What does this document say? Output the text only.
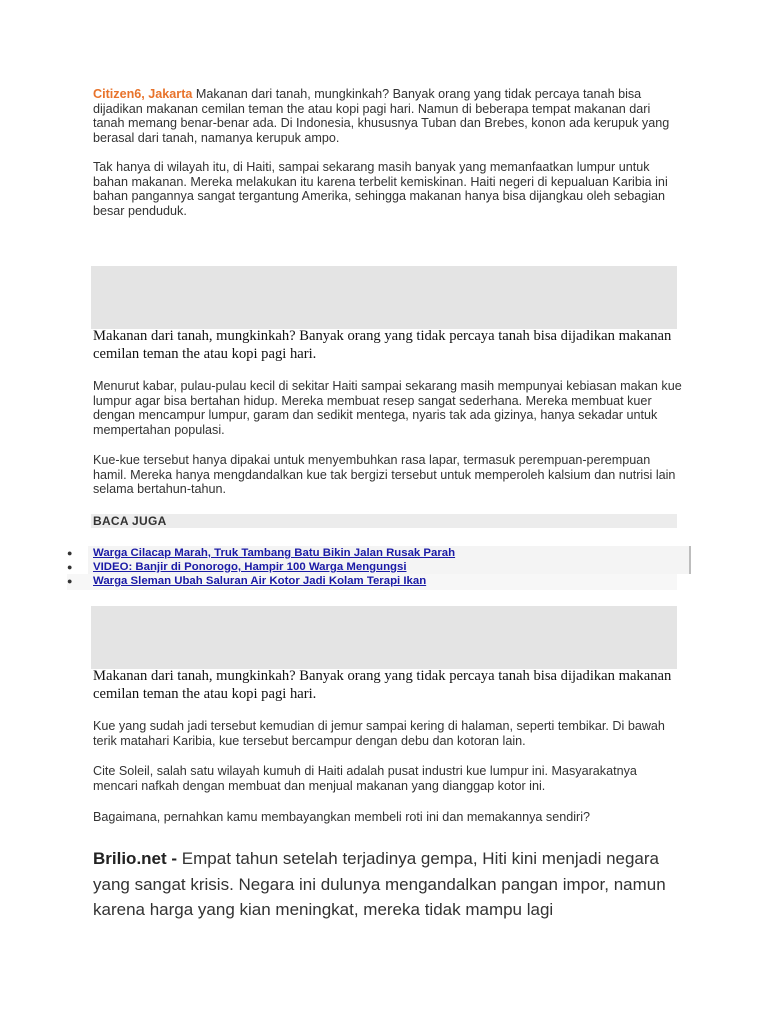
Citizen6, Jakarta Makanan dari tanah, mungkinkah? Banyak orang yang tidak percaya tanah bisa dijadikan makanan cemilan teman the atau kopi pagi hari. Namun di beberapa tempat makanan dari tanah memang benar-benar ada. Di Indonesia, khususnya Tuban dan Brebes, konon ada kerupuk yang berasal dari tanah, namanya kerupuk ampo.

Tak hanya di wilayah itu, di Haiti, sampai sekarang masih banyak yang memanfaatkan lumpur untuk bahan makanan. Mereka melakukan itu karena terbelit kemiskinan. Haiti negeri di kepualuan Karibia ini bahan pangannya sangat tergantung Amerika, sehingga makanan hanya bisa dijangkau oleh sebagian besar penduduk.

Makanan dari tanah, mungkinkah? Banyak orang yang tidak percaya tanah bisa dijadikan makanan cemilan teman the atau kopi pagi hari.

Menurut kabar, pulau-pulau kecil di sekitar Haiti sampai sekarang masih mempunyai kebiasan makan kue lumpur agar bisa bertahan hidup. Mereka membuat resep sangat sederhana. Mereka membuat kuer dengan mencampur lumpur, garam dan sedikit mentega, nyaris tak ada gizinya, hanya sekadar untuk mempertahan populasi.

Kue-kue tersebut hanya dipakai untuk menyembuhkan rasa lapar, termasuk perempuan-perempuan hamil. Mereka hanya mengdandalkan kue tak bergizi tersebut untuk memperoleh kalsium dan nutrisi lain selama bertahun-tahun.

BACA JUGA
● Warga Cilacap Marah, Truk Tambang Batu Bikin Jalan Rusak Parah
● VIDEO: Banjir di Ponorogo, Hampir 100 Warga Mengungsi
● Warga Sleman Ubah Saluran Air Kotor Jadi Kolam Terapi Ikan

Makanan dari tanah, mungkinkah? Banyak orang yang tidak percaya tanah bisa dijadikan makanan cemilan teman the atau kopi pagi hari.

Kue yang sudah jadi tersebut kemudian di jemur sampai kering di halaman, seperti tembikar. Di bawah terik matahari Karibia, kue tersebut bercampur dengan debu dan kotoran lain.

Cite Soleil, salah satu wilayah kumuh di Haiti adalah pusat industri kue lumpur ini. Masyarakatnya mencari nafkah dengan membuat dan menjual makanan yang dianggap kotor ini.

Bagaimana, pernahkan kamu membayangkan membeli roti ini dan memakannya sendiri?

Brilio.net - Empat tahun setelah terjadinya gempa, Hiti kini menjadi negara yang sangat krisis. Negara ini dulunya mengandalkan pangan impor, namun karena harga yang kian meningkat, mereka tidak mampu lagi
